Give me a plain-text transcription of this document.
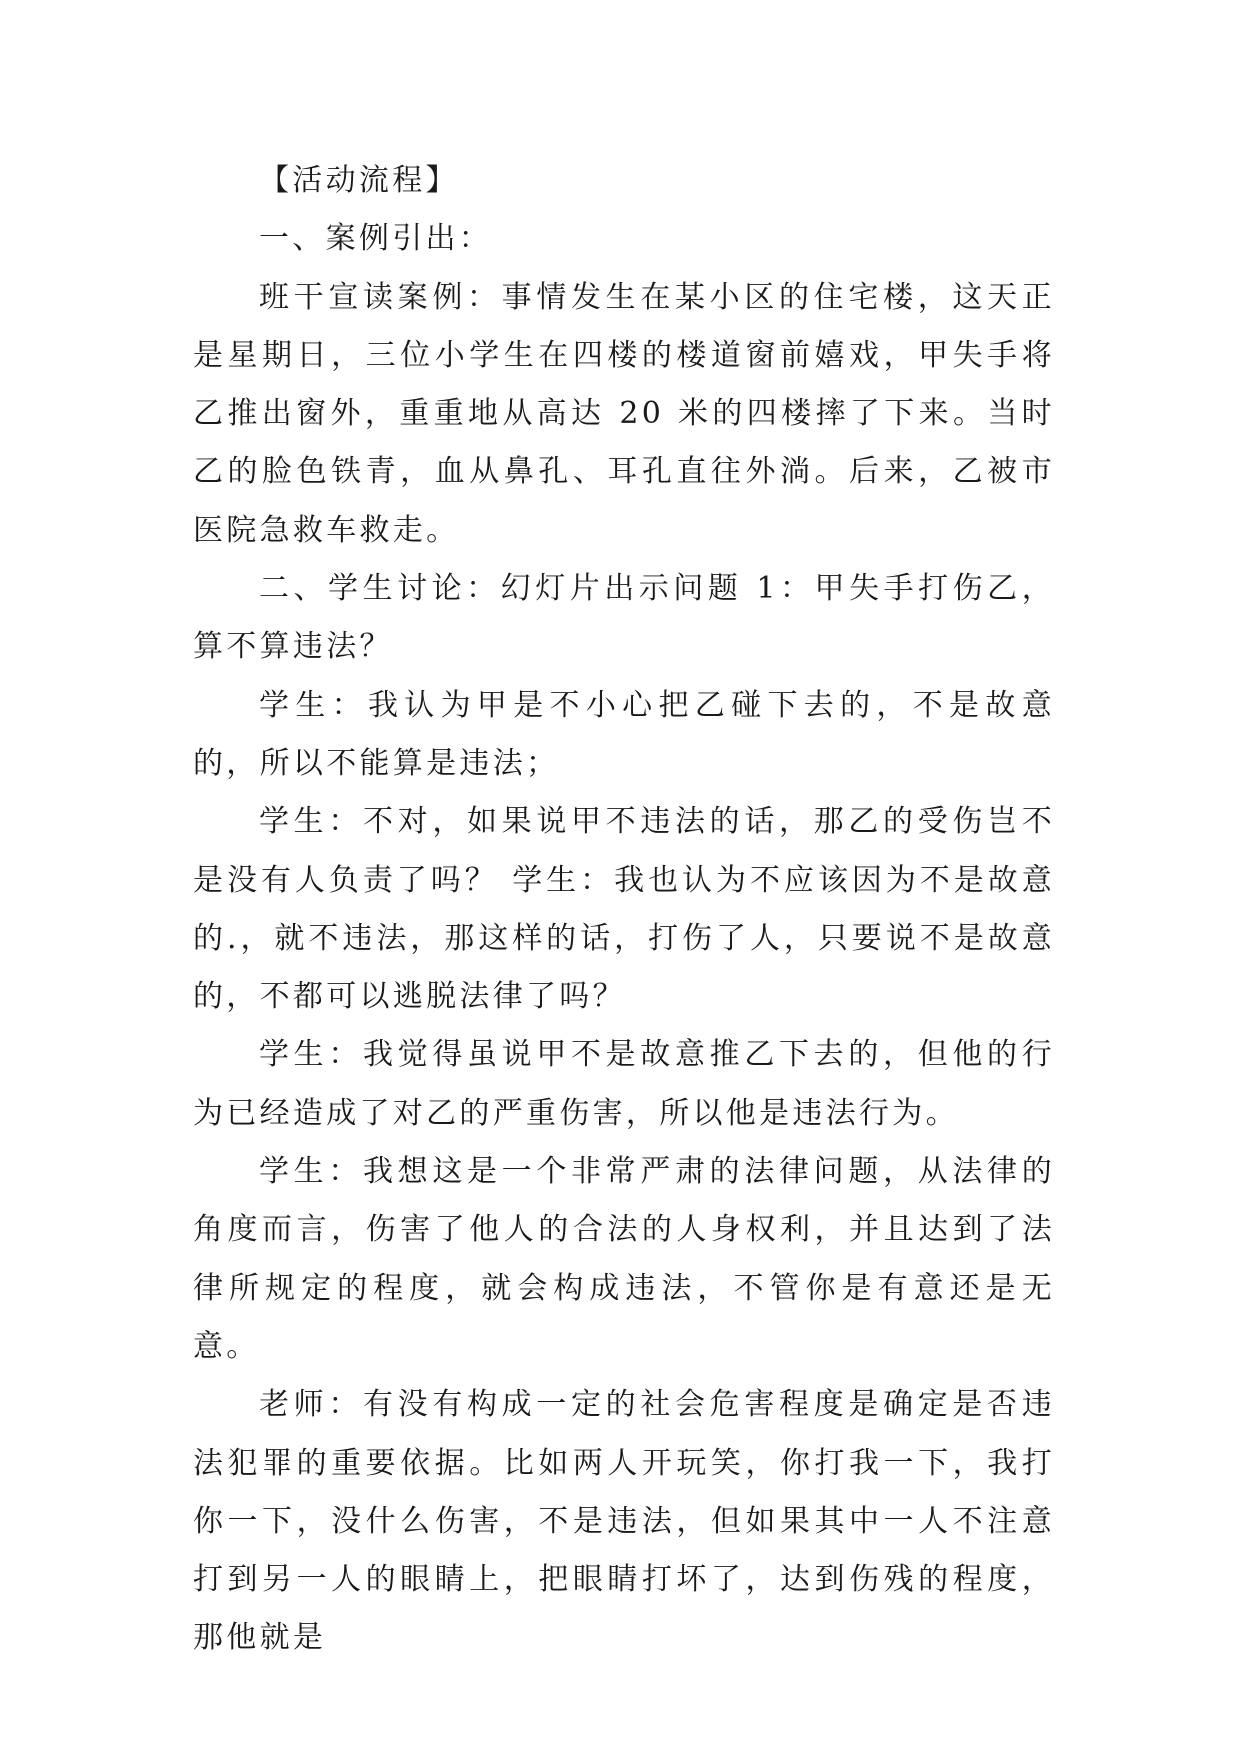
【活动流程】

一、案例引出：

班干宣读案例：事情发生在某小区的住宅楼，这天正是星期日，三位小学生在四楼的楼道窗前嬉戏，甲失手将乙推出窗外，重重地从高达 20 米的四楼摔了下来。当时乙的脸色铁青，血从鼻孔、耳孔直往外淌。后来，乙被市医院急救车救走。

二、学生讨论：幻灯片出示问题 1：甲失手打伤乙，算不算违法？

学生：我认为甲是不小心把乙碰下去的，不是故意的，所以不能算是违法；

学生：不对，如果说甲不违法的话，那乙的受伤岂不是没有人负责了吗？ 学生：我也认为不应该因为不是故意的.，就不违法，那这样的话，打伤了人，只要说不是故意的，不都可以逃脱法律了吗？

学生：我觉得虽说甲不是故意推乙下去的，但他的行为已经造成了对乙的严重伤害，所以他是违法行为。

学生：我想这是一个非常严肃的法律问题，从法律的角度而言，伤害了他人的合法的人身权利，并且达到了法律所规定的程度，就会构成违法，不管你是有意还是无意。

老师：有没有构成一定的社会危害程度是确定是否违法犯罪的重要依据。比如两人开玩笑，你打我一下，我打你一下，没什么伤害，不是违法，但如果其中一人不注意打到另一人的眼睛上，把眼睛打坏了，达到伤残的程度，那他就是
